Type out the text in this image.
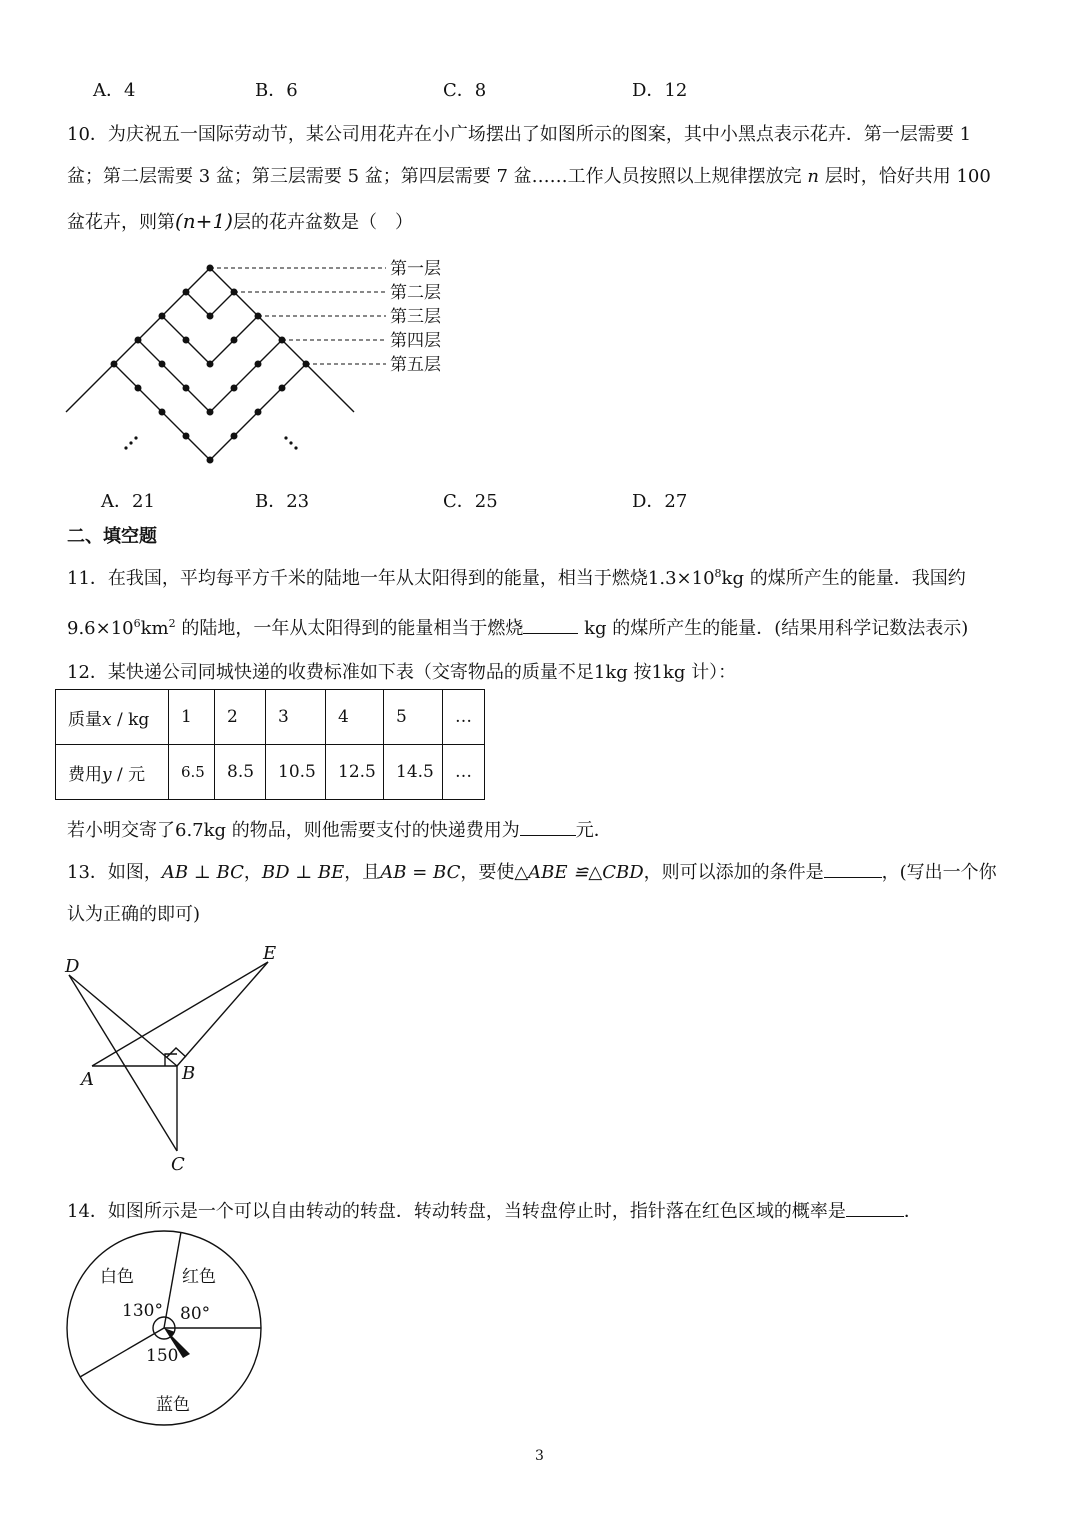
A．4	B．6	C．8	D．12
10．为庆祝五一国际劳动节，某公司用花卉在小广场摆出了如图所示的图案，其中小黑点表示花卉．第一层需要 1
盆；第二层需要 3 盆；第三层需要 5 盆；第四层需要 7 盆……工作人员按照以上规律摆放完 n 层时，恰好共用 100
盆花卉，则第(n+1)层的花卉盆数是（　）
第一层
第二层
第三层
第四层
第五层
A．21	B．23	C．25	D．27
二、填空题
11．在我国，平均每平方千米的陆地一年从太阳得到的能量，相当于燃烧$1.3\times 10^8kg$ 的煤所产生的能量．我国约
$9.6\times 10^6km^2$ 的陆地，一年从太阳得到的能量相当于燃烧	kg 的煤所产生的能量．(结果用科学记数法表示)
12．某快递公司同城快递的收费标准如下表（交寄物品的质量不足1kg 按1kg 计）：
质量x / kg	1	2	3	4	5	…
费用y / 元	6.5	8.5	10.5	12.5	14.5	…
若小明交寄了6.7kg 的物品，则他需要支付的快递费用为	元．
13．如图，AB ⊥ BC，BD ⊥ BE，且AB = BC，要使△ABE ≌△CBD，则可以添加的条件是	，(写出一个你
认为正确的即可)
D
E
A	B
C
14．如图所示是一个可以自由转动的转盘．转动转盘，当转盘停止时，指针落在红色区域的概率是	．
白色	红色
蓝色
130° 80°
150°
3
